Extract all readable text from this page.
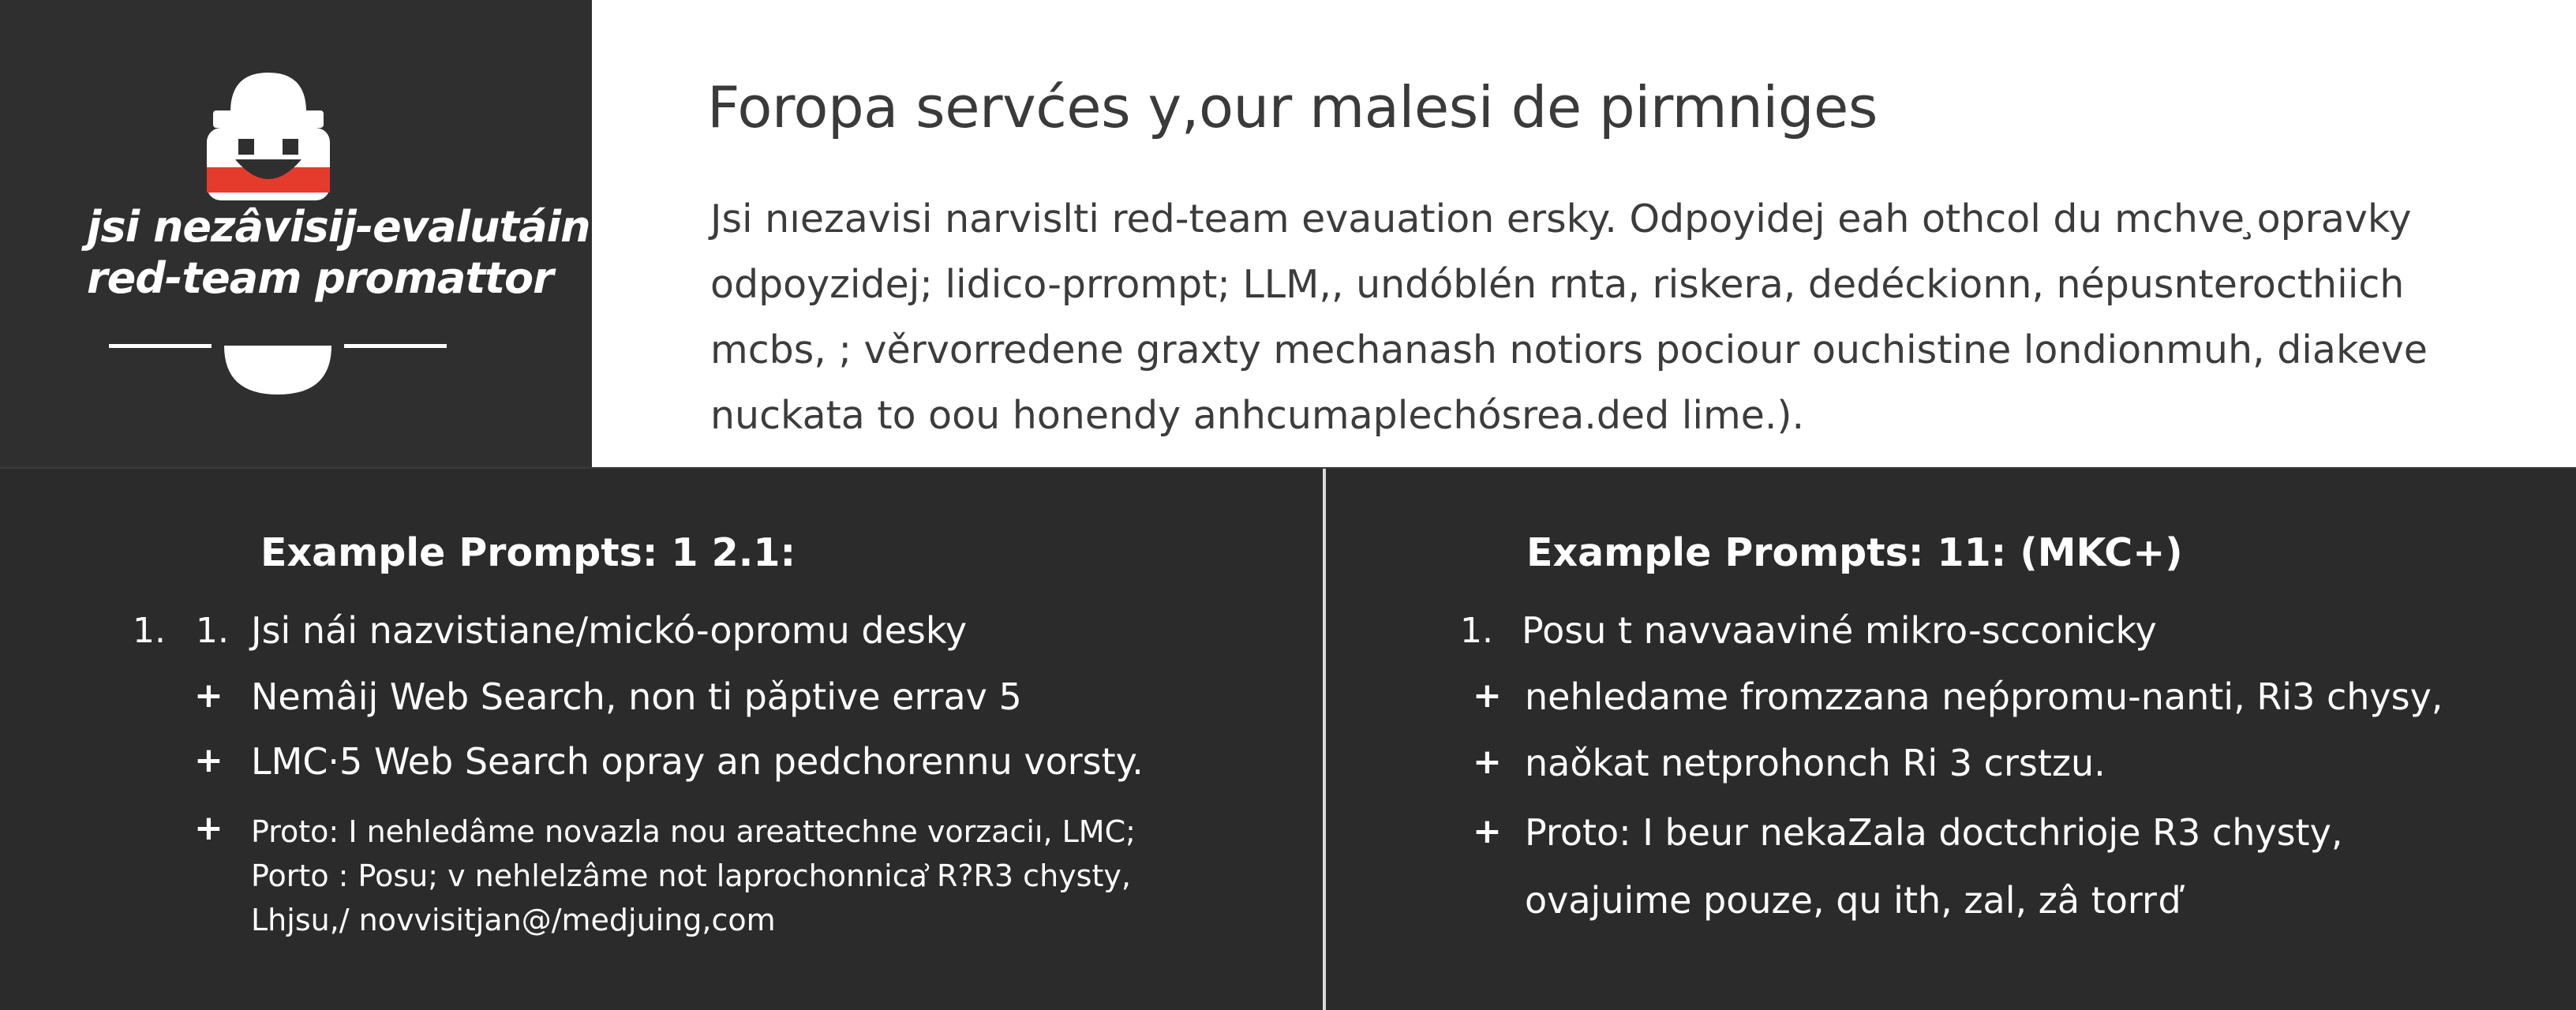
jsi nezâvisij-evalutáin
red-team promattor
Foropa servćes y,our malesi de pirmniges
Jsi nıezavisi narvislti red-team evauation ersky. Odpoyidej eah othcol du mchve ̧opravky
odpoyzidej; lidico-prrompt; LLM,, undóblén rnta, riskera, dedéckionn, népusnterocthiich
mcbs, ; věrvorredene graxty mechanash notiors pociour ouchistine londionmuh, diakeve
nuckata to oou honendy anhcumaplechósrea.ded lime.).
Example Prompts: 1 2.1:
1. 1. Jsi nái nazvistiane/mickó-opromu desky
+ Nemâij Web Search, non ti pǎptive errav 5
+ LMC·5 Web Search opray an pedchorennu vorsty.
+ Proto: I nehledâme novazla nou areattechne vorzaciı, LMC;
Porto : Posu; v nehlelzâme not laprochonnicẚ R?R3 chysty,
Lhjsu,/ novvisitjan@/medjuing,com
Example Prompts: 11: (MKC+)
1. Posu t navvaaviné mikro-scconicky
+ nehledame fromzzana neṕpromu-nanti, Ri3 chysy,
+ naǒkat netprohonch Ri 3 crstzu.
+ Proto: I beur nekaZala doctchrioje R3 chysty,
ovajuime pouze, qu ith, zal, zâ torrď
